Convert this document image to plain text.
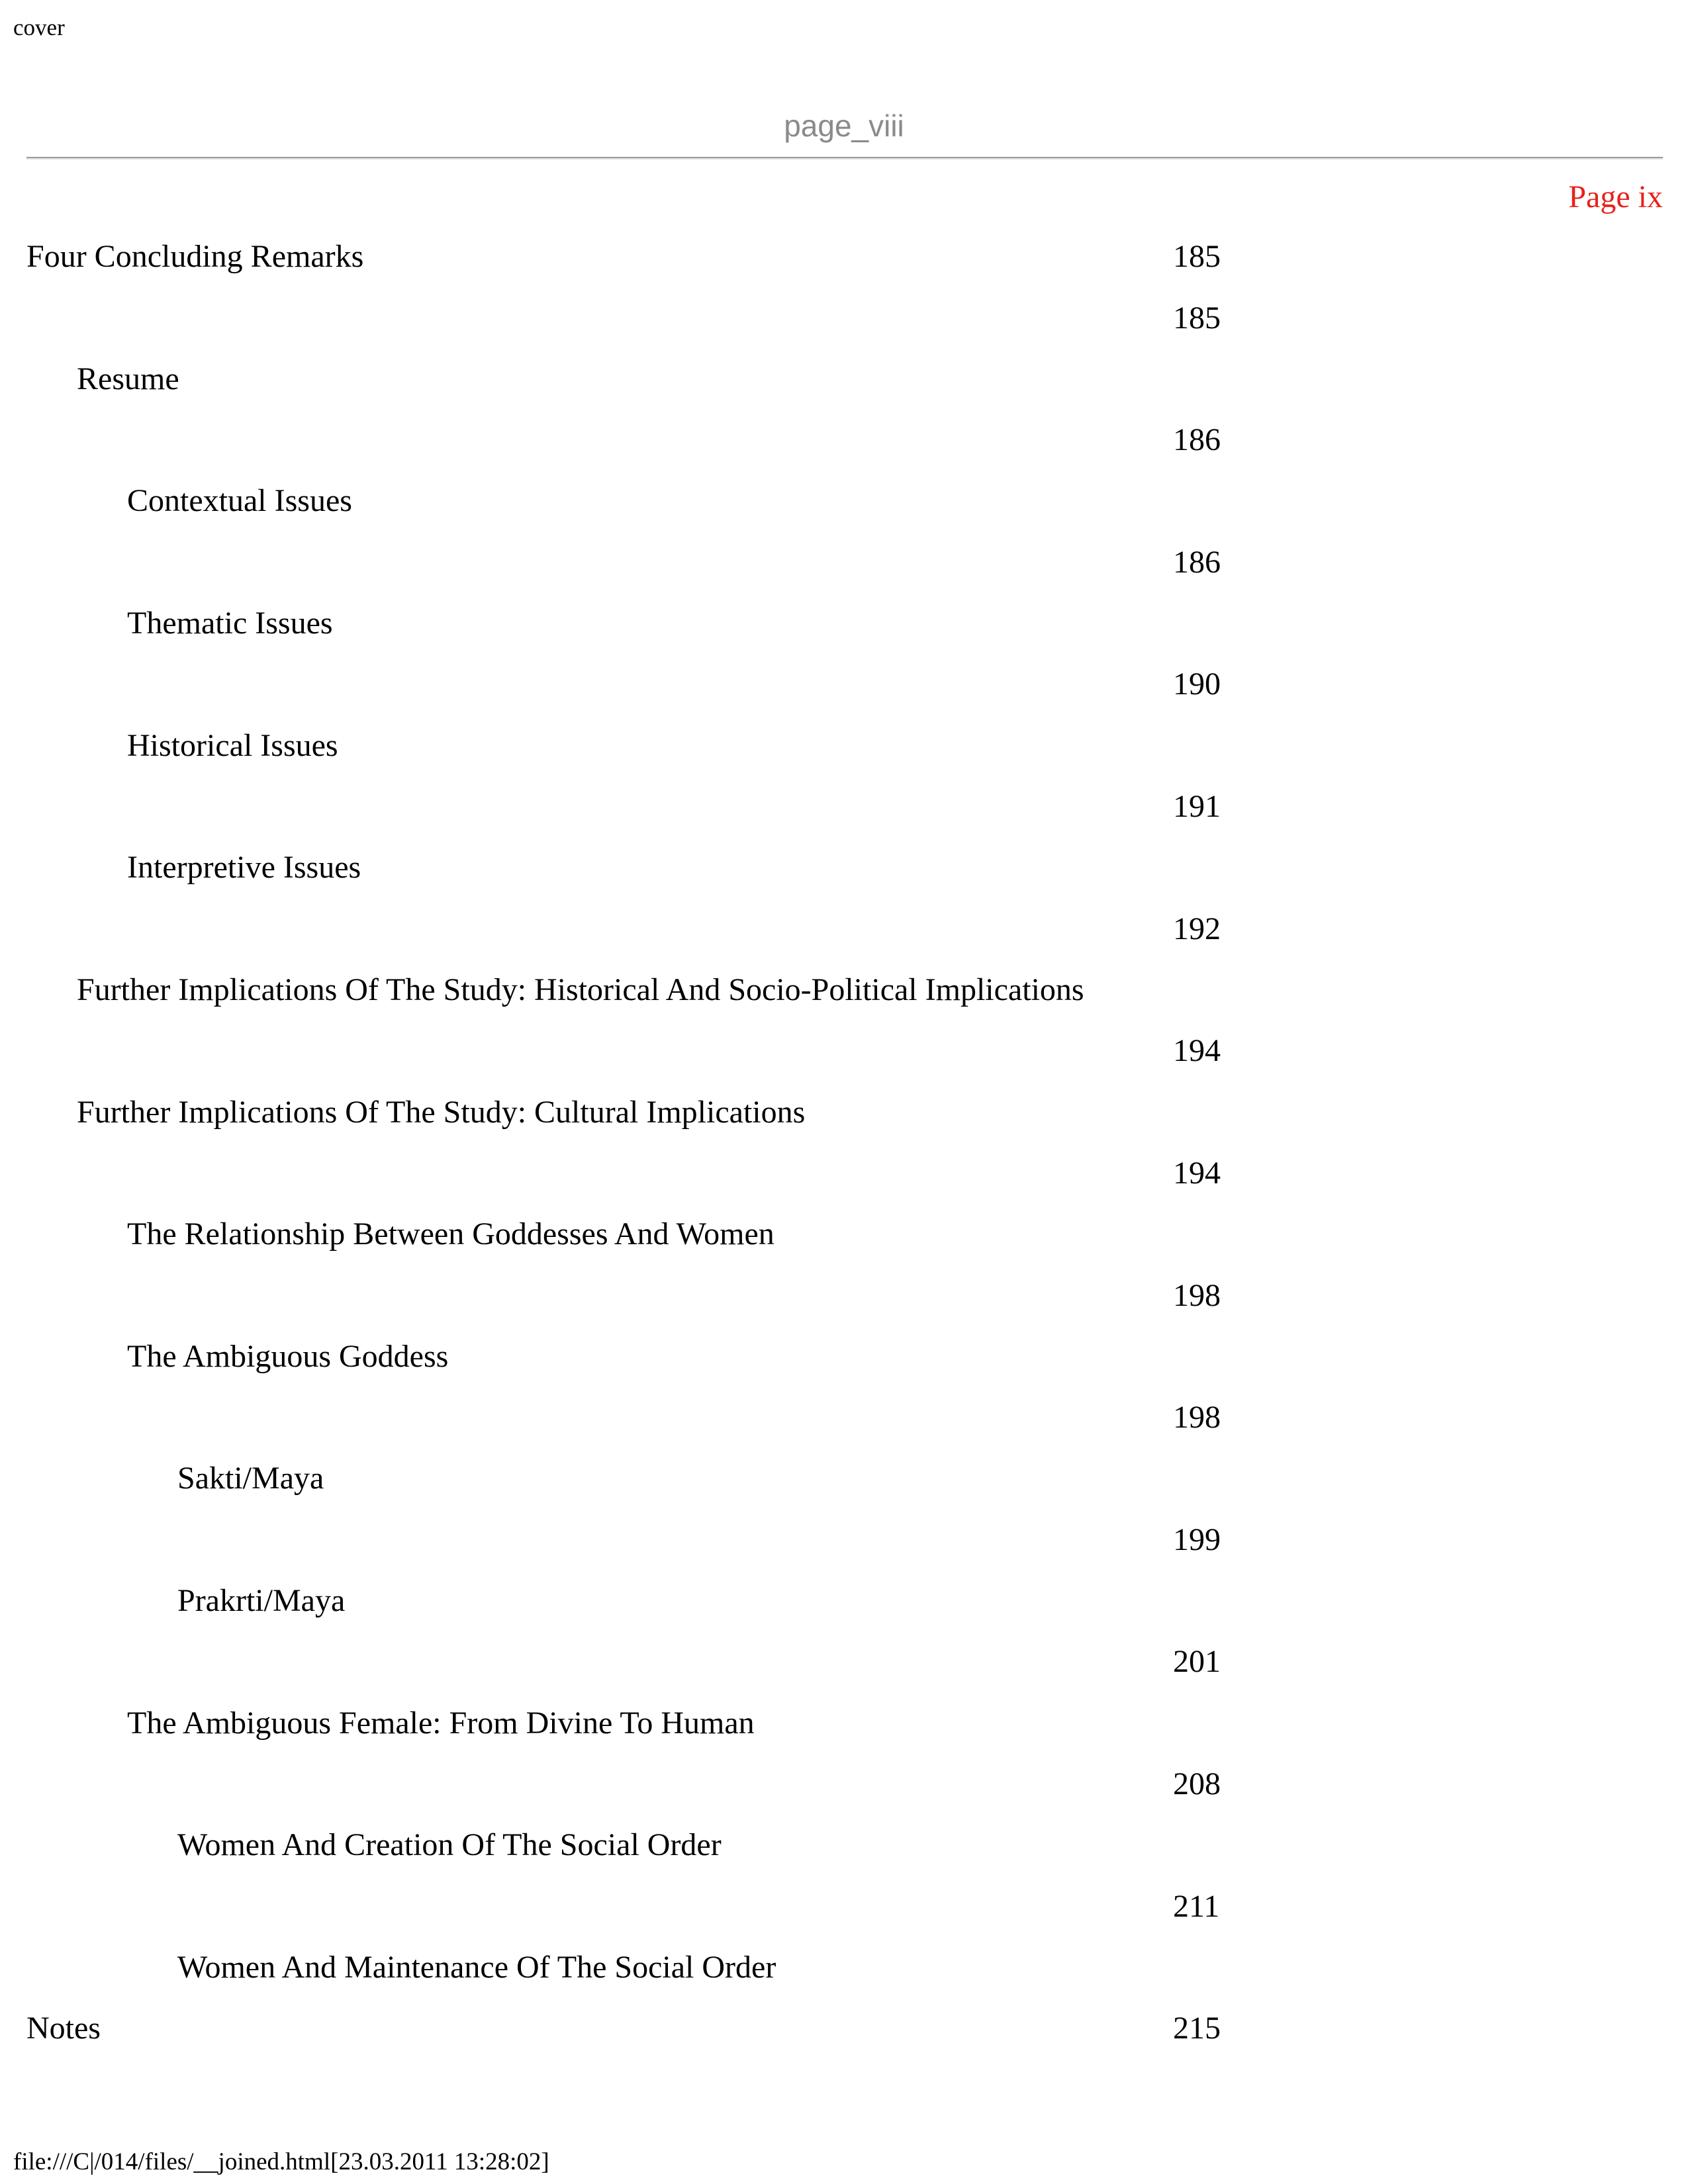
cover
page_viii
Page ix
Four Concluding Remarks	185
185
Resume
186
Contextual Issues
186
Thematic Issues
190
Historical Issues
191
Interpretive Issues
192
Further Implications Of The Study: Historical And Socio-Political Implications
194
Further Implications Of The Study: Cultural Implications
194
The Relationship Between Goddesses And Women
198
The Ambiguous Goddess
198
Sakti/Maya
199
Prakrti/Maya
201
The Ambiguous Female: From Divine To Human
208
Women And Creation Of The Social Order
211
Women And Maintenance Of The Social Order
Notes	215
file:///C|/014/files/__joined.html[23.03.2011 13:28:02]
